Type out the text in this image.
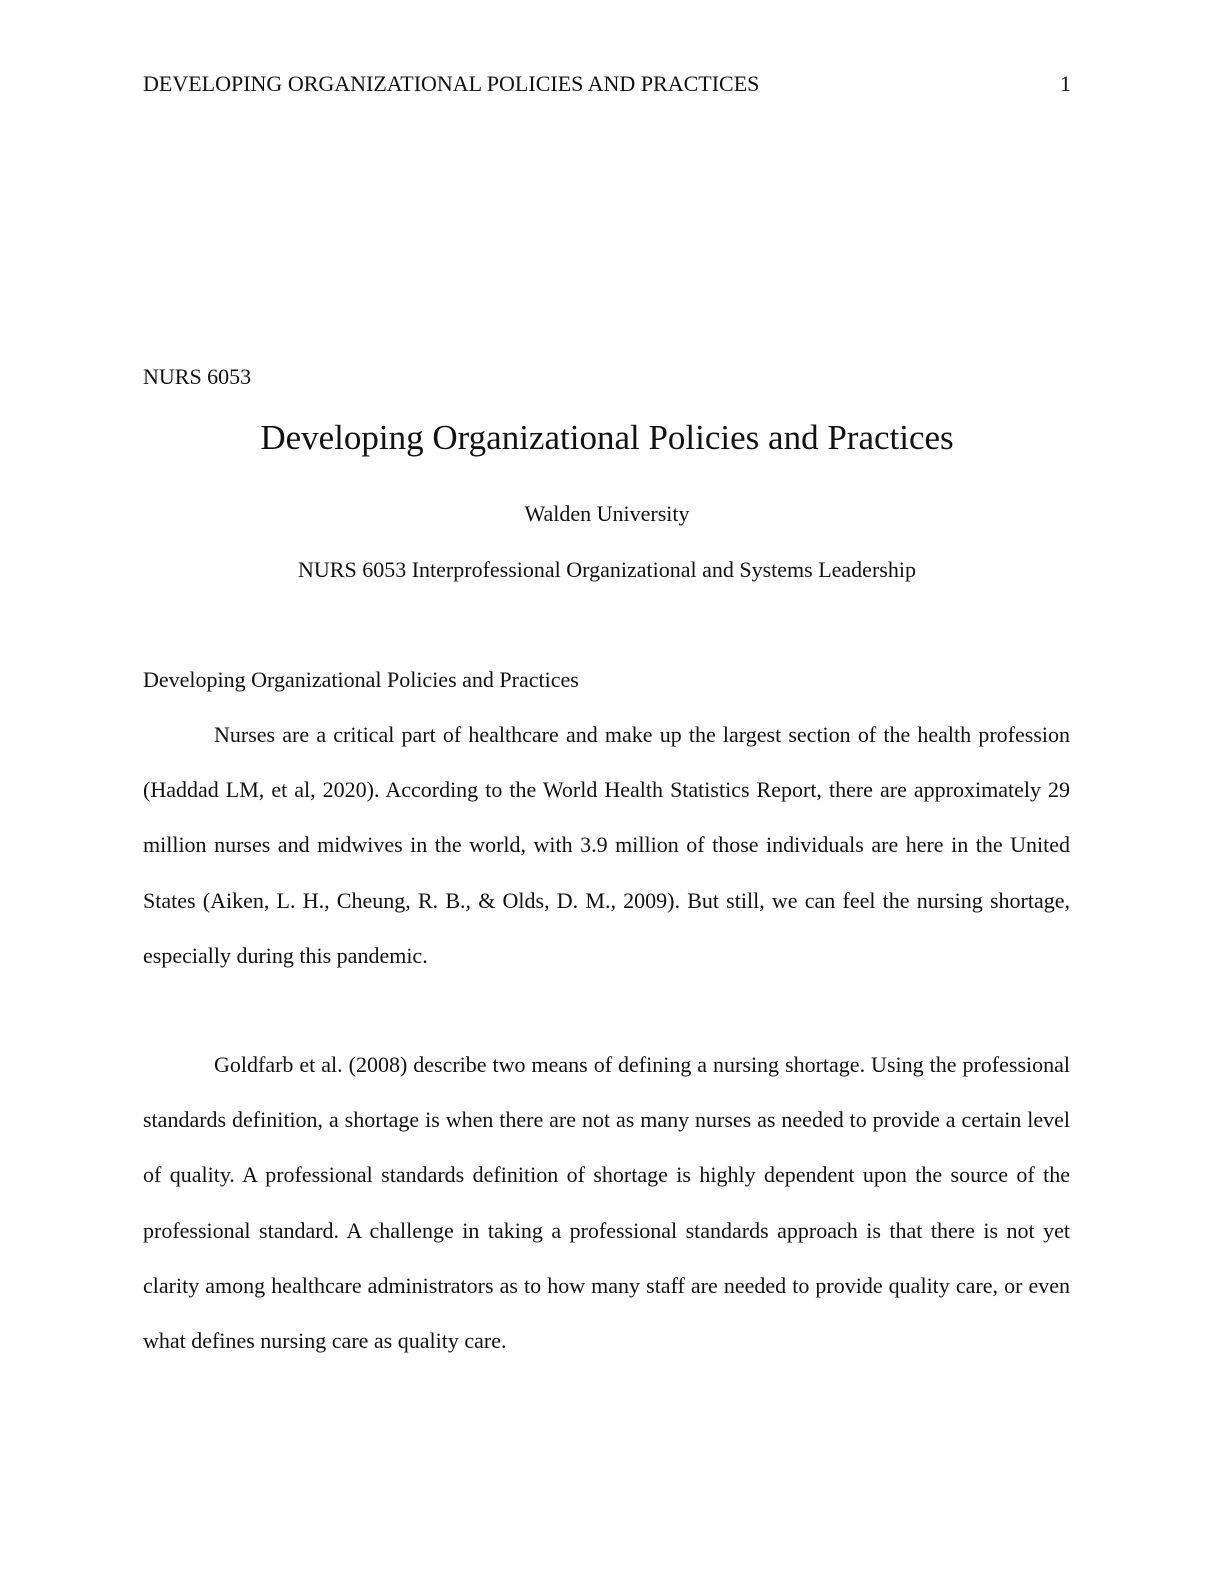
DEVELOPING ORGANIZATIONAL POLICIES AND PRACTICES	1
NURS 6053
Developing Organizational Policies and Practices
Walden University
NURS 6053 Interprofessional Organizational and Systems Leadership
Developing Organizational Policies and Practices

Nurses are a critical part of healthcare and make up the largest section of the health profession (Haddad LM, et al, 2020). According to the World Health Statistics Report, there are approximately 29 million nurses and midwives in the world, with 3.9 million of those individuals are here in the United States (Aiken, L. H., Cheung, R. B., & Olds, D. M., 2009). But still, we can feel the nursing shortage, especially during this pandemic.

Goldfarb et al. (2008) describe two means of defining a nursing shortage. Using the professional standards definition, a shortage is when there are not as many nurses as needed to provide a certain level of quality. A professional standards definition of shortage is highly dependent upon the source of the professional standard. A challenge in taking a professional standards approach is that there is not yet clarity among healthcare administrators as to how many staff are needed to provide quality care, or even what defines nursing care as quality care.
